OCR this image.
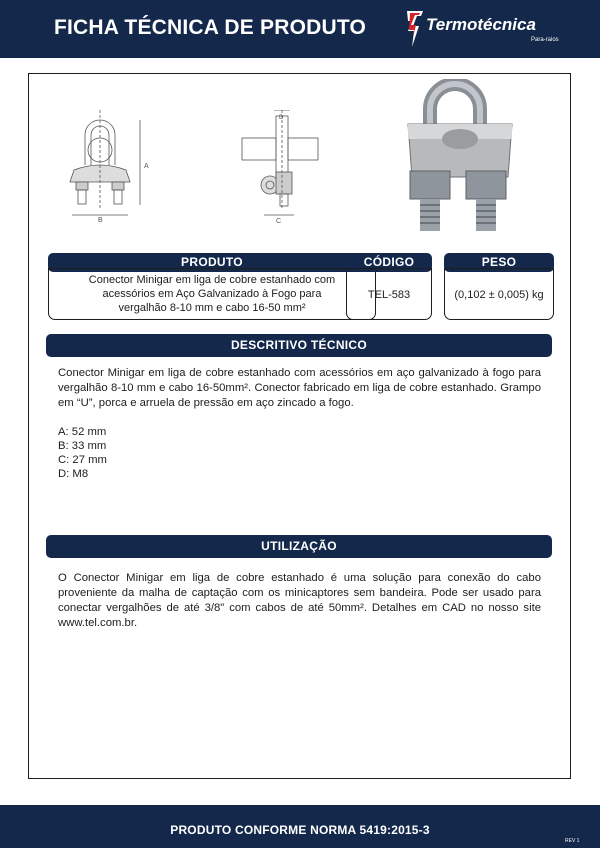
FICHA TÉCNICA DE PRODUTO	Termotécnica
Para-raios
A
B	C
D
PRODUTO
Conector Minigar em liga de cobre estanhado com
acessórios em Aço Galvanizado à Fogo para
vergalhão 8-10 mm e cabo 16-50 mm²
CÓDIGO
TEL-583
PESO
(0,102 ± 0,005) kg
DESCRITIVO TÉCNICO

Conector Minigar em liga de cobre estanhado com acessórios em aço galvanizado à fogo para vergalhão 8-10 mm e cabo 16-50mm². Conector fabricado em liga de cobre estanhado. Grampo em “U”, porca e arruela de pressão em aço zincado a fogo.

A: 52 mm
B: 33 mm
C: 27 mm
D: M8
UTILIZAÇÃO

O Conector Minigar em liga de cobre estanhado é uma solução para conexão do cabo proveniente da malha de captação com os minicaptores sem bandeira. Pode ser usado para conectar vergalhões de até 3/8" com cabos de até 50mm². Detalhes em CAD no nosso site www.tel.com.br.

PRODUTO CONFORME NORMA 5419:2015-3
REV 1
